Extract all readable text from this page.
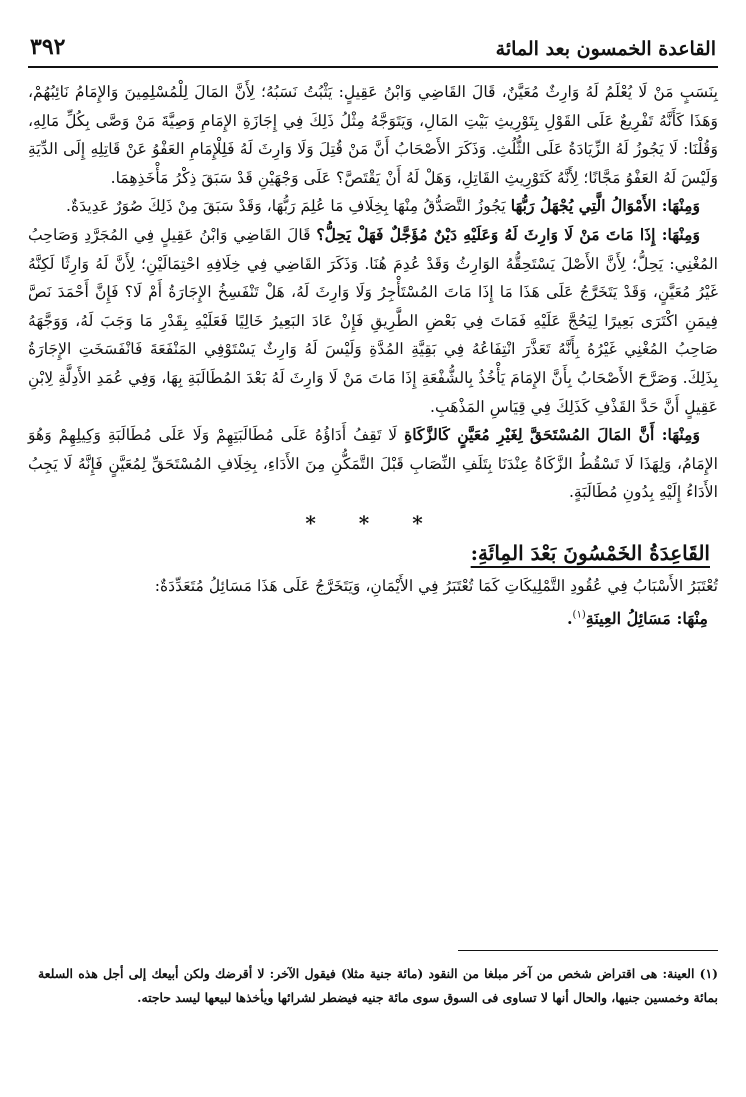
القاعدة الخمسون بعد المائة
٣٩٢

بِنَسَبٍ مَنْ لَا يُعْلَمُ لَهُ وَارِثٌ مُعَيَّنٌ، قَالَ القَاضِي وَابْنُ عَقِيلٍ: يَثْبُتُ نَسَبُهُ؛ لِأَنَّ المَالَ لِلْمُسْلِمِينَ وَالإِمَامُ نَائِبُهُمْ، وَهَذَا كَأَنَّهُ تَفْرِيعٌ عَلَى القَوْلِ بِتَوْرِيثِ بَيْتِ المَالِ، وَيَتَوَجَّهُ مِثْلُ ذَلِكَ فِي إِجَازَةِ الإِمَامِ وَصِيَّةَ مَنْ وَصَّى بِكُلِّ مَالِهِ، وَقُلْنَا: لَا يَجُوزُ لَهُ الزِّيَادَةُ عَلَى الثُّلُثِ. وَذَكَرَ الأَصْحَابُ أَنَّ مَنْ قُتِلَ وَلَا وَارِثَ لَهُ فَلِلْإِمَامِ العَفْوُ عَنْ قَاتِلِهِ إِلَى الدِّيَةِ وَلَيْسَ لَهُ العَفْوُ مَجَّانًا؛ لِأَنَّهُ كَتَوْرِيثِ القَاتِلِ، وَهَلْ لَهُ أَنْ يَقْتَصَّ؟ عَلَى وَجْهَيْنِ قَدْ سَبَقَ ذِكْرُ مَأْخَذِهِمَا.

وَمِنْهَا: الأَمْوَالُ الَّتِي يُجْهَلُ رَبُّهَا يَجُوزُ التَّصَدُّقُ مِنْهَا بِخِلَافِ مَا عُلِمَ رَبُّهَا، وَقَدْ سَبَقَ مِنْ ذَلِكَ صُوَرٌ عَدِيدَةٌ.

وَمِنْهَا: إِذَا مَاتَ مَنْ لَا وَارِثَ لَهُ وَعَلَيْهِ دَيْنٌ مُؤَجَّلٌ فَهَلْ يَحِلُّ؟ قَالَ القَاضِي وَابْنُ عَقِيلٍ فِي المُجَرَّدِ وَصَاحِبُ المُغْنِي: يَحِلُّ؛ لِأَنَّ الأَصْلَ يَسْتَحِقُّهُ الوَارِثُ وَقَدْ عُدِمَ هُنَا. وَذَكَرَ القَاضِي فِي خِلَافِهِ احْتِمَالَيْنِ؛ لِأَنَّ لَهُ وَارِثًا لَكِنَّهُ غَيْرُ مُعَيَّنٍ، وَقَدْ يَتَخَرَّجُ عَلَى هَذَا مَا إِذَا مَاتَ المُسْتَأْجِرُ وَلَا وَارِثَ لَهُ، هَلْ تَنْفَسِخُ الإِجَارَةُ أَمْ لَا؟ فَإِنَّ أَحْمَدَ نَصَّ فِيمَنِ اكْتَرَى بَعِيرًا لِيَحُجَّ عَلَيْهِ فَمَاتَ فِي بَعْضِ الطَّرِيقِ فَإِنْ عَادَ البَعِيرُ خَالِيًا فَعَلَيْهِ بِقَدْرِ مَا وَجَبَ لَهُ، وَوَجَّهَهُ صَاحِبُ المُغْنِي غَيْرُهُ بِأَنَّهُ تَعَذَّرَ انْتِفَاعُهُ فِي بَقِيَّةِ المُدَّةِ وَلَيْسَ لَهُ وَارِثٌ يَسْتَوْفِي المَنْفَعَةَ فَانْفَسَخَتِ الإِجَارَةُ بِذَلِكَ. وَصَرَّحَ الأَصْحَابُ بِأَنَّ الإِمَامَ يَأْخُذُ بِالشُّفْعَةِ إِذَا مَاتَ مَنْ لَا وَارِثَ لَهُ بَعْدَ المُطَالَبَةِ بِهَا، وَفِي عُمَدِ الأَدِلَّةِ لِابْنِ عَقِيلٍ أَنَّ حَدَّ القَذْفِ كَذَلِكَ فِي قِيَاسِ المَذْهَبِ.

وَمِنْهَا: أَنَّ المَالَ المُسْتَحَقَّ لِغَيْرِ مُعَيَّنٍ كَالزَّكَاةِ لَا تَقِفُ أَدَاؤُهُ عَلَى مُطَالَبَتِهِمْ وَلَا عَلَى مُطَالَبَةِ وَكِيلِهِمْ وَهُوَ الإِمَامُ، وَلِهَذَا لَا تَسْقُطُ الزَّكَاةُ عِنْدَنَا بِتَلَفِ النِّصَابِ قَبْلَ التَّمَكُّنِ مِنَ الأَدَاءِ، بِخِلَافِ المُسْتَحَقِّ لِمُعَيَّنٍ فَإِنَّهُ لَا يَجِبُ الأَدَاءُ إِلَيْهِ بِدُونِ مُطَالَبَةٍ.

* * *
القَاعِدَةُ الخَمْسُونَ بَعْدَ المِائَةِ:

تُعْتَبَرُ الأَسْبَابُ فِي عُقُودِ التَّمْلِيكَاتِ كَمَا تُعْتَبَرُ فِي الأَيْمَانِ، وَيَتَخَرَّجُ عَلَى هَذَا مَسَائِلُ مُتَعَدِّدَةٌ:

مِنْهَا: مَسَائِلُ العِينَةِ$^{(١)}$.
(١) العينة: هى اقتراض شخص من آخر مبلغا من النقود (مائة جنية مثلا) فيقول الآخر: لا أقرضك ولكن أبيعك إلى أجل هذه السلعة بمائة وخمسين جنيها، والحال أنها لا تساوى فى السوق سوى مائة جنيه فيضطر لشرائها ويأخذها لبيعها ليسد حاجته.
